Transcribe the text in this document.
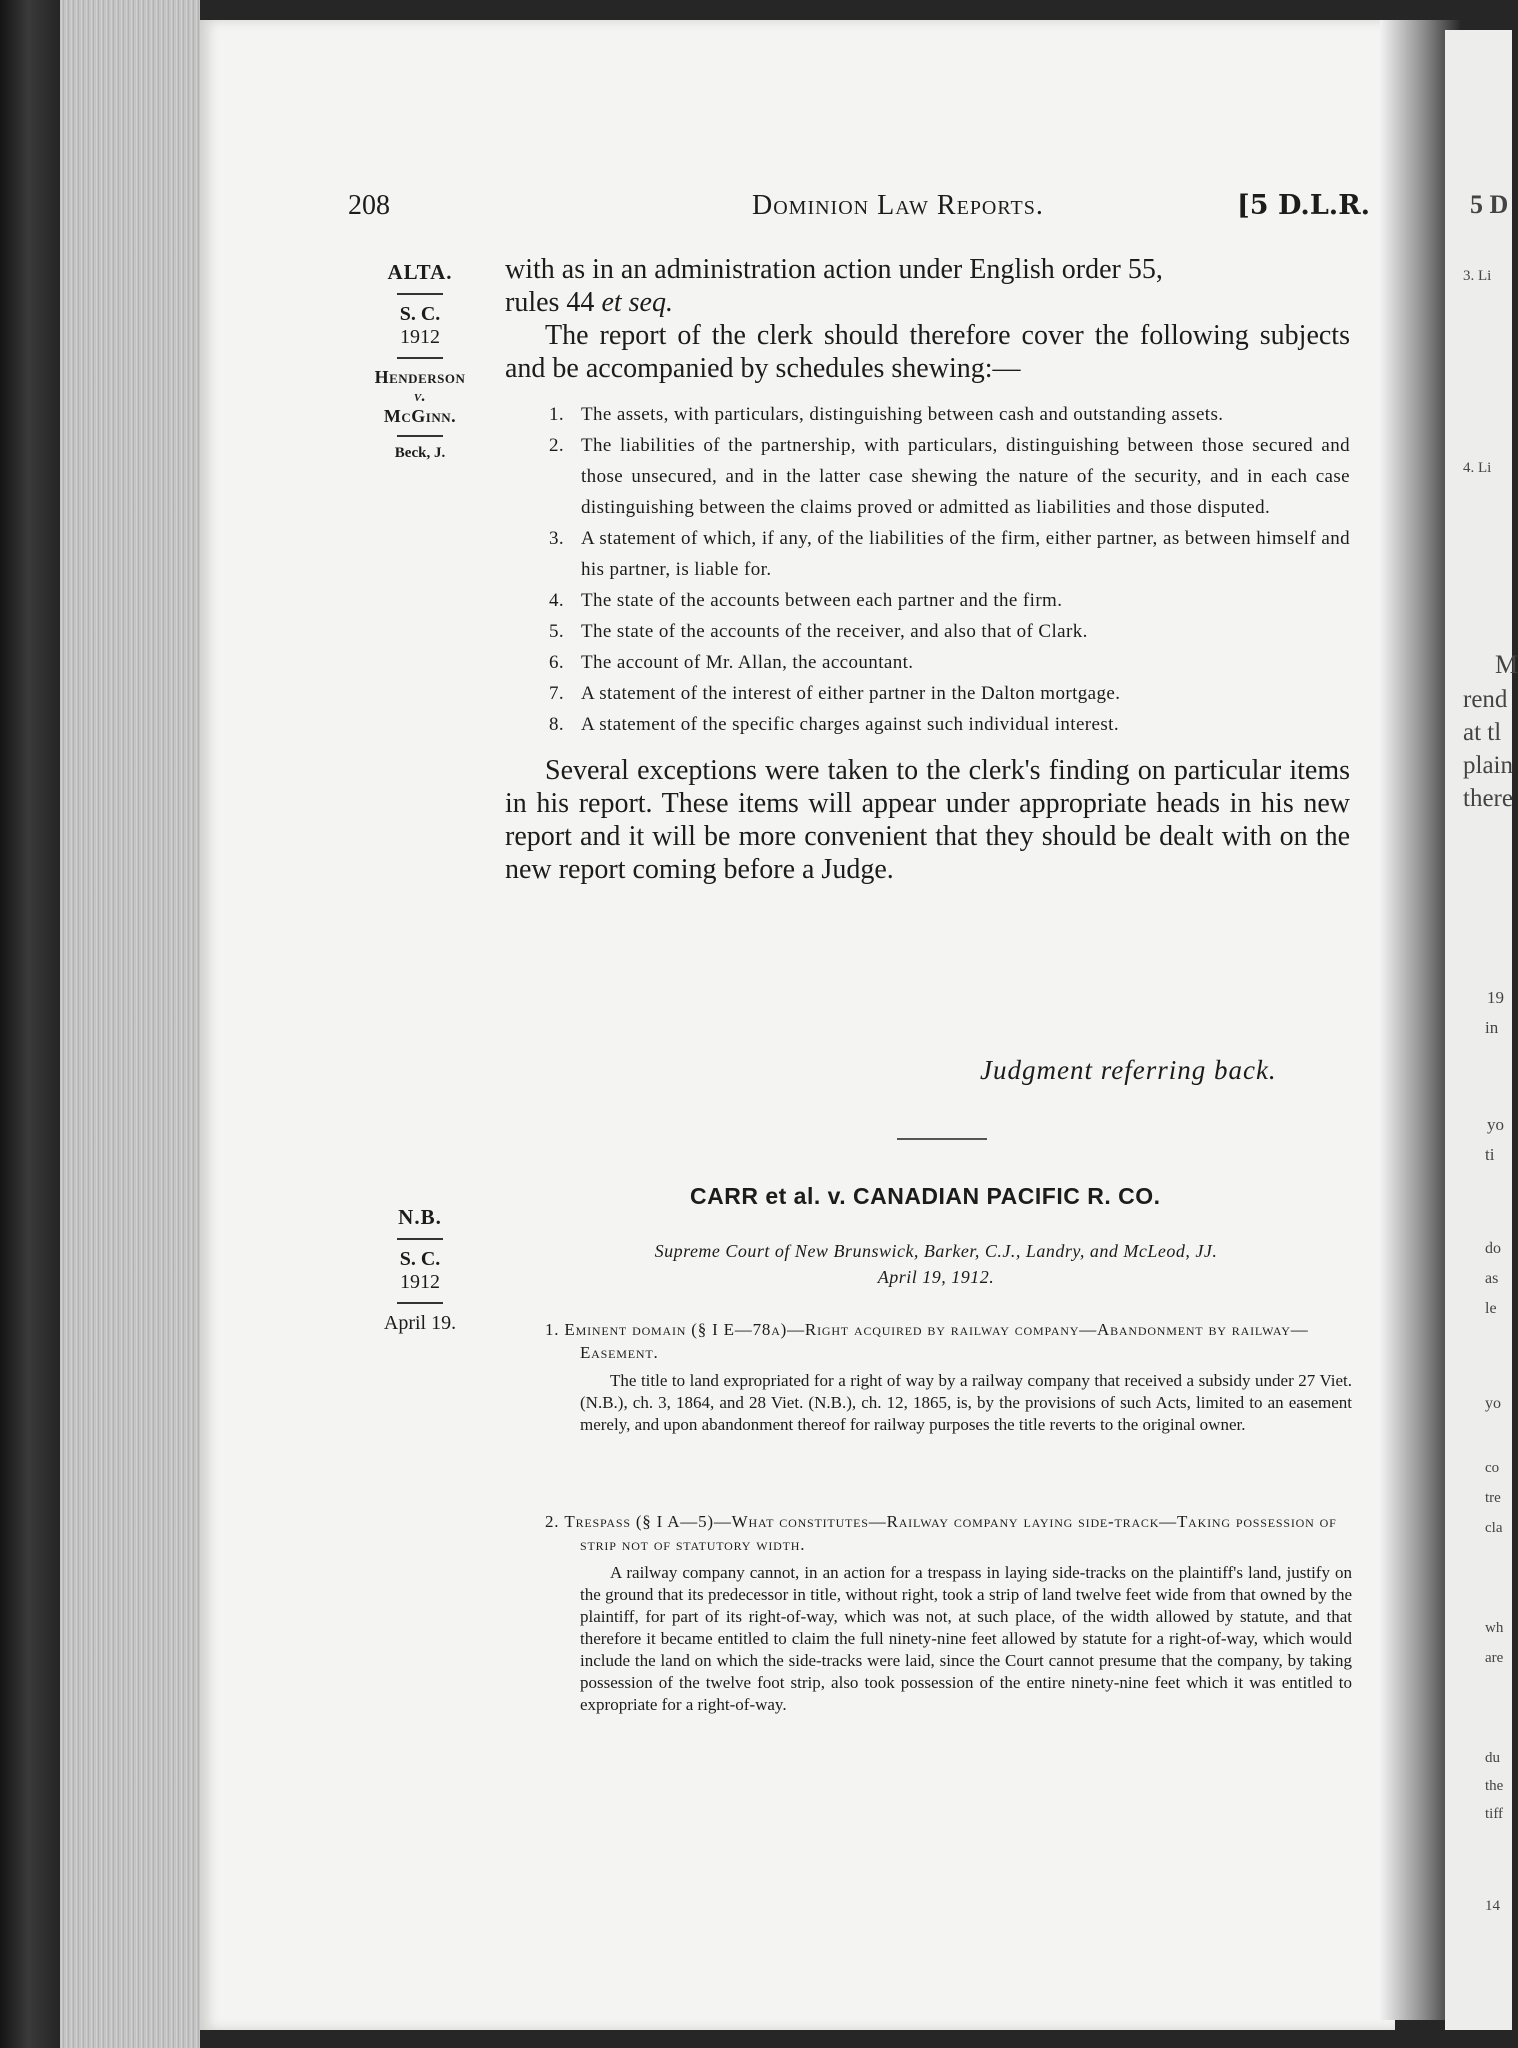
5 D
3. Li
4. Li
M
rend
at tl
plain
there
19
in
yo
ti
do
as
le
yo
co
tre
cla
wh
are
du
the
tiff
14
208	Dominion Law Reports.	[5 D.L.R.
ALTA.
S. C.
1912
Henderson
v.
McGinn.
Beck, J.

with as in an administration action under English order 55,

rules 44 et seq.

The report of the clerk should therefore cover the following subjects and be accompanied by schedules shewing:—

1. The assets, with particulars, distinguishing between cash and outstanding assets.
2. The liabilities of the partnership, with particulars, distinguishing between those secured and those unsecured, and in the latter case shewing the nature of the security, and in each case distinguishing between the claims proved or admitted as liabilities and those disputed.
3. A statement of which, if any, of the liabilities of the firm, either partner, as between himself and his partner, is liable for.
4. The state of the accounts between each partner and the firm.
5. The state of the accounts of the receiver, and also that of Clark.
6. The account of Mr. Allan, the accountant.
7. A statement of the interest of either partner in the Dalton mortgage.
8. A statement of the specific charges against such individual interest.

Several exceptions were taken to the clerk's finding on particular items in his report. These items will appear under appropriate heads in his new report and it will be more convenient that they should be dealt with on the new report coming before a Judge.

Judgment referring back.
N.B.
S. C.
1912
April 19.
CARR et al. v. CANADIAN PACIFIC R. CO.
Supreme Court of New Brunswick, Barker, C.J., Landry, and McLeod, JJ.
April 19, 1912.
1. Eminent domain (§ I E—78a)—Right acquired by railway company—Abandonment by railway—Easement.
The title to land expropriated for a right of way by a railway company that received a subsidy under 27 Viet. (N.B.), ch. 3, 1864, and 28 Viet. (N.B.), ch. 12, 1865, is, by the provisions of such Acts, limited to an easement merely, and upon abandonment thereof for railway purposes the title reverts to the original owner.
2. Trespass (§ I A—5)—What constitutes—Railway company laying side-track—Taking possession of strip not of statutory width.
A railway company cannot, in an action for a trespass in laying side-tracks on the plaintiff's land, justify on the ground that its predecessor in title, without right, took a strip of land twelve feet wide from that owned by the plaintiff, for part of its right-of-way, which was not, at such place, of the width allowed by statute, and that therefore it became entitled to claim the full ninety-nine feet allowed by statute for a right-of-way, which would include the land on which the side-tracks were laid, since the Court cannot presume that the company, by taking possession of the twelve foot strip, also took possession of the entire ninety-nine feet which it was entitled to expropriate for a right-of-way.
